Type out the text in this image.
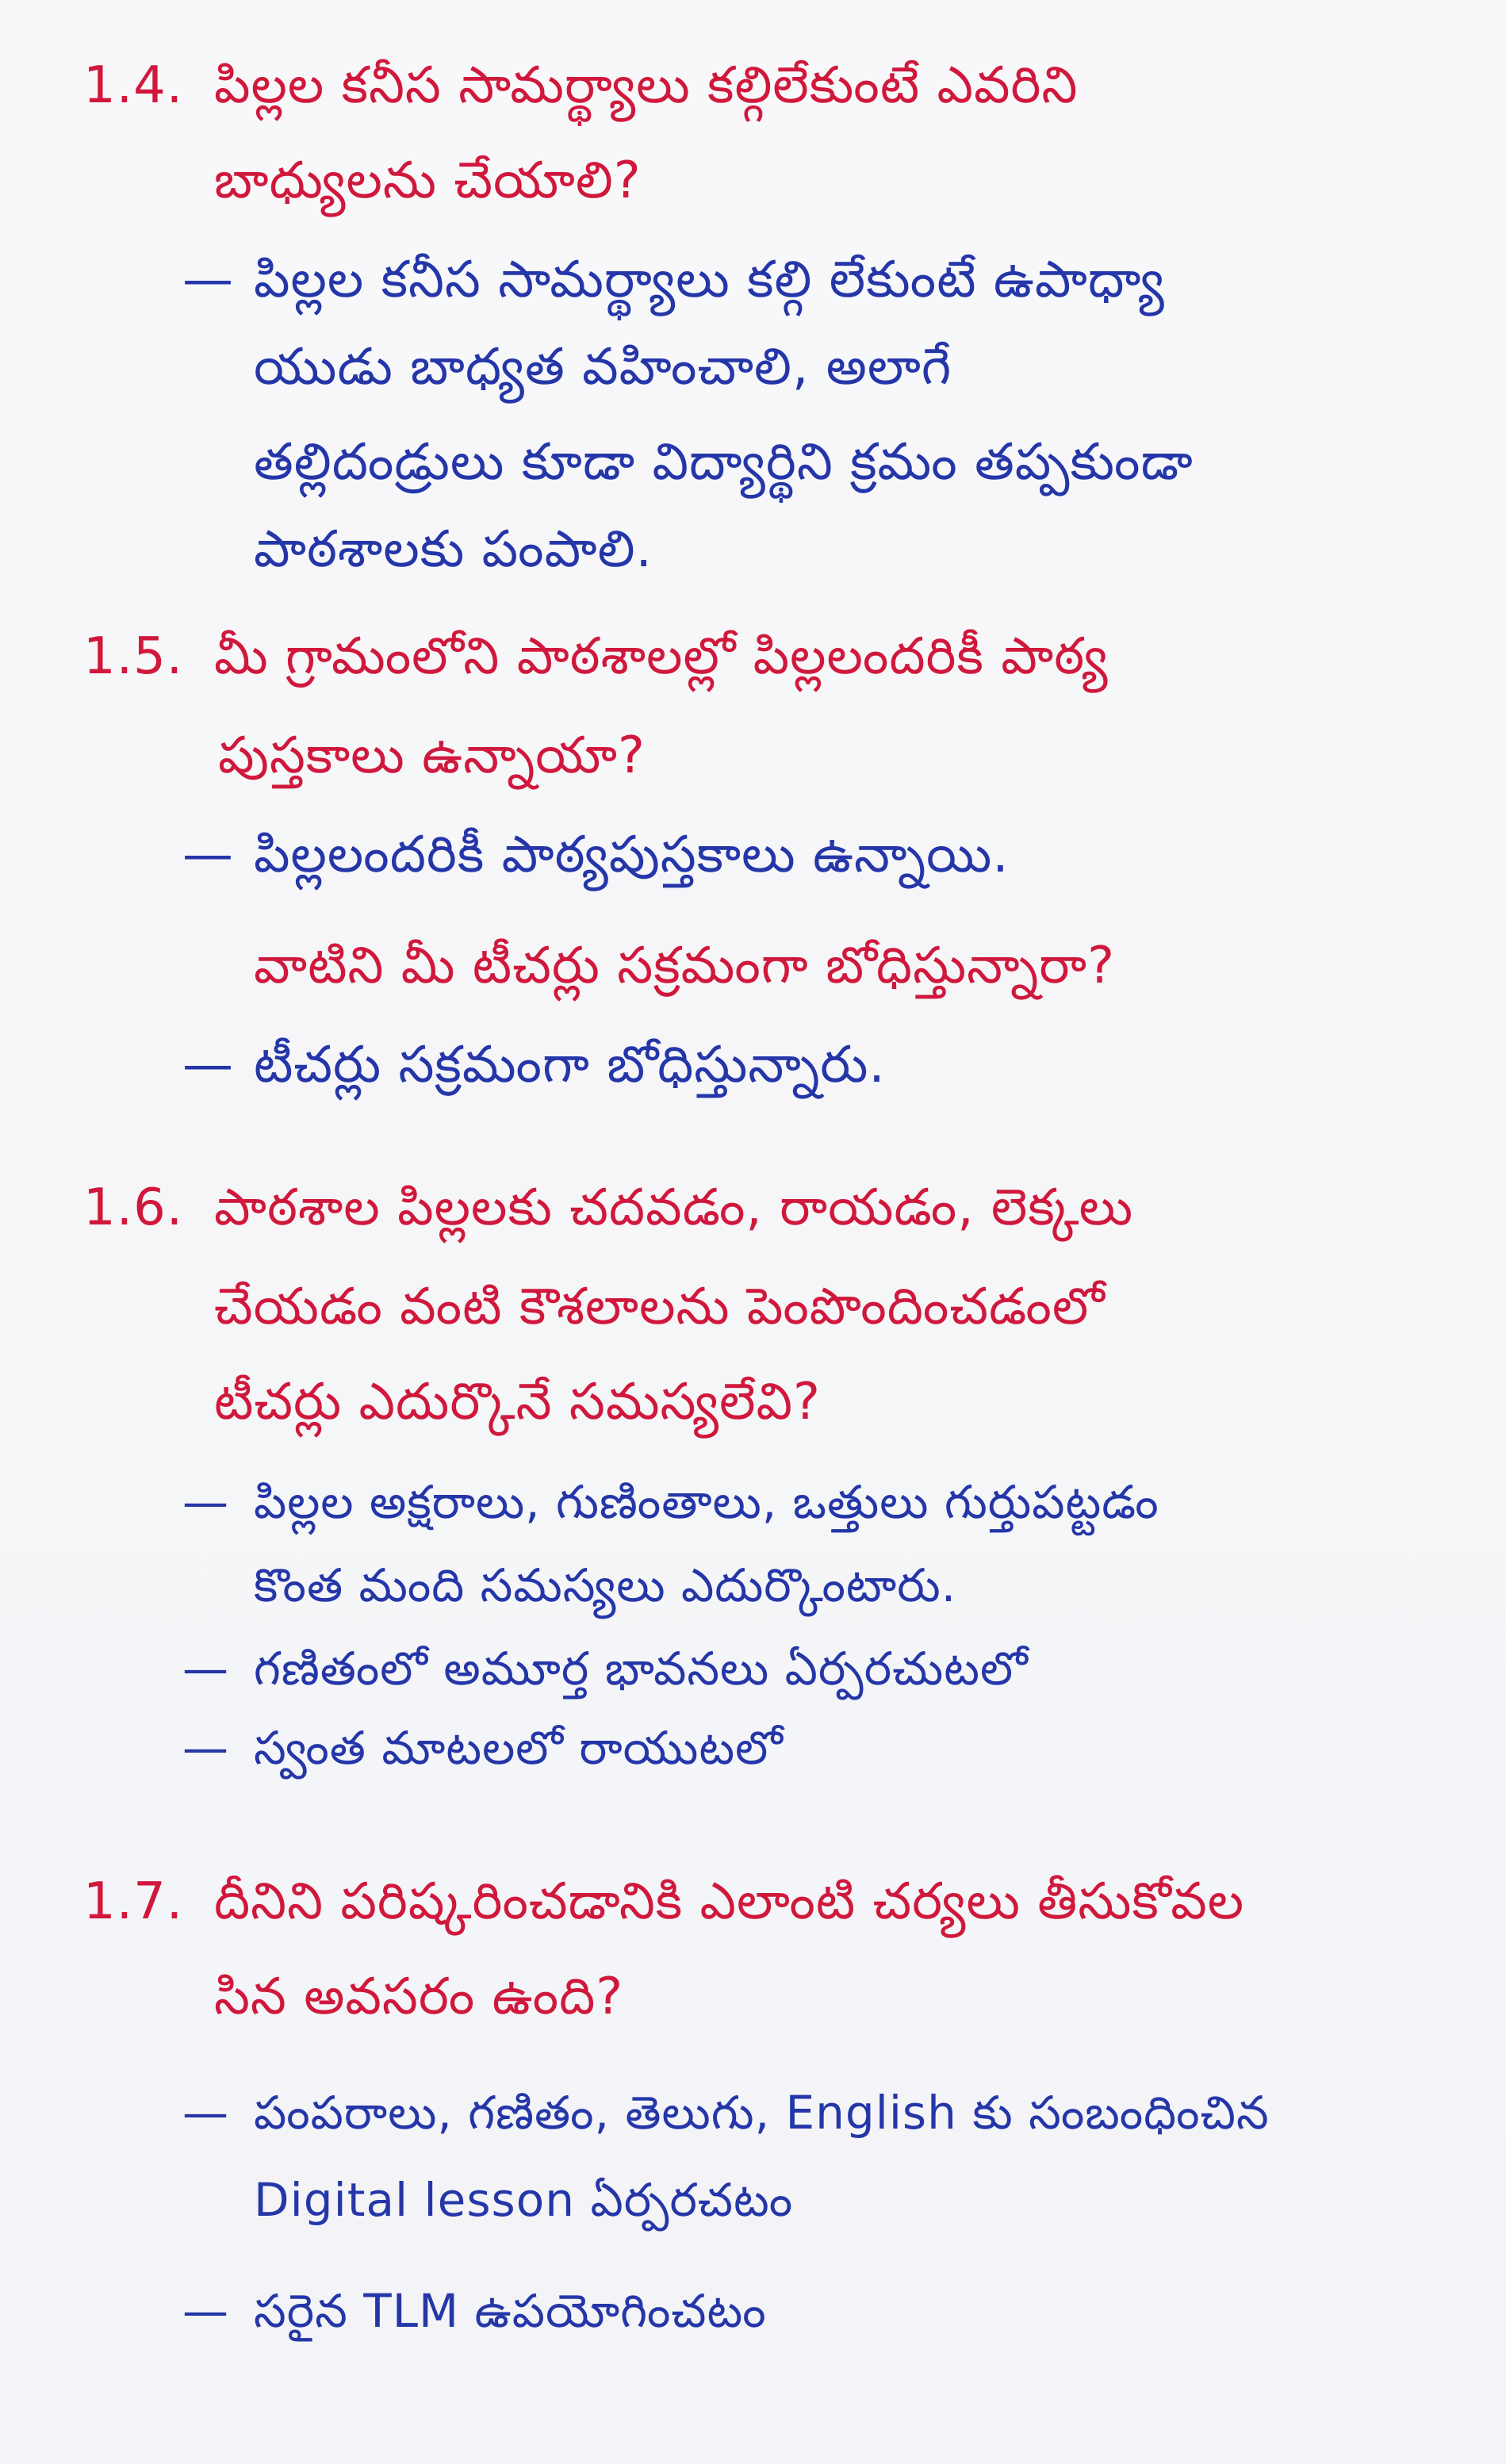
1.4. పిల్లల కనీస సామర్థ్యాలు కల్గిలేకుంటే ఎవరిని
బాధ్యులను చేయాలి?
— పిల్లల కనీస సామర్థ్యాలు కల్గి లేకుంటే ఉపాధ్యా
యుడు బాధ్యత వహించాలి, అలాగే
తల్లిదండ్రులు కూడా విద్యార్థిని క్రమం తప్పకుండా
పాఠశాలకు పంపాలి.
1.5. మీ గ్రామంలోని పాఠశాలల్లో పిల్లలందరికీ పాఠ్య
పుస్తకాలు ఉన్నాయా?
— పిల్లలందరికీ పాఠ్యపుస్తకాలు ఉన్నాయి.
వాటిని మీ టీచర్లు సక్రమంగా బోధిస్తున్నారా?
— టీచర్లు సక్రమంగా బోధిస్తున్నారు.
1.6. పాఠశాల పిల్లలకు చదవడం, రాయడం, లెక్కలు
చేయడం వంటి కౌశలాలను పెంపొందించడంలో
టీచర్లు ఎదుర్కొనే సమస్యలేవి?
— పిల్లల అక్షరాలు, గుణింతాలు, ఒత్తులు గుర్తుపట్టడం
కొంత మంది సమస్యలు ఎదుర్కొంటారు.
— గణితంలో అమూర్త భావనలు ఏర్పరచుటలో
— స్వంత మాటలలో రాయుటలో
1.7. దీనిని పరిష్కరించడానికి ఎలాంటి చర్యలు తీసుకోవల
సిన అవసరం ఉంది?
— పంపరాలు, గణితం, తెలుగు, English కు సంబంధించిన
Digital lesson ఏర్పరచటం
— సరైన TLM ఉపయోగించటం
